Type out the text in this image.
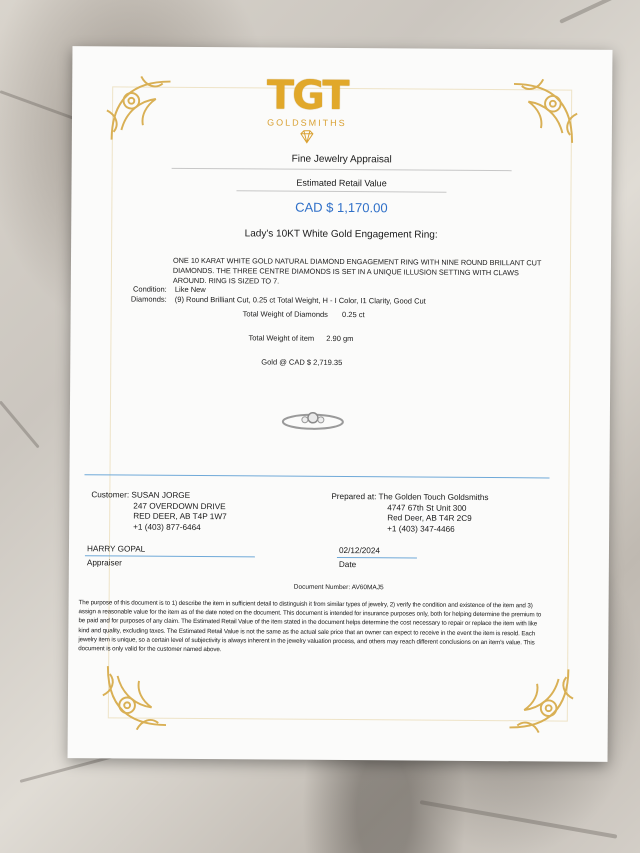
TGT
GOLDSMITHS
Fine Jewelry Appraisal
Estimated Retail Value
CAD $ 1,170.00
Lady's 10KT White Gold Engagement Ring:
ONE 10 KARAT WHITE GOLD NATURAL DIAMOND ENGAGEMENT RING WITH NINE ROUND BRILLANT CUT DIAMONDS. THE THREE CENTRE DIAMONDS IS SET IN A UNIQUE ILLUSION SETTING WITH CLAWS AROUND. RING IS SIZED TO 7.
Condition: Like New
Diamonds: (9) Round Brilliant Cut, 0.25 ct Total Weight, H - I Color, I1 Clarity, Good Cut
Total Weight of Diamonds 0.25 ct
Total Weight of item 2.90 gm
Gold @ CAD $ 2,719.35
Customer: SUSAN JORGE
247 OVERDOWN DRIVE
RED DEER, AB T4P 1W7
+1 (403) 877-6464
Prepared at: The Golden Touch Goldsmiths
4747 67th St Unit 300
Red Deer, AB T4R 2C9
+1 (403) 347-4466
HARRY GOPAL
Appraiser
02/12/2024
Date
Document Number: AV60MAJ5
The purpose of this document is to 1) describe the item in sufficient detail to distinguish it from similar types of jewelry, 2) verify the condition and existence of the item and 3) assign a reasonable value for the item as of the date noted on the document. This document is intended for insurance purposes only, both for helping determine the premium to be paid and for purposes of any claim. The Estimated Retail Value of the item stated in the document helps determine the cost necessary to repair or replace the item with like kind and quality, excluding taxes. The Estimated Retail Value is not the same as the actual sale price that an owner can expect to receive in the event the item is resold. Each jewelry item is unique, so a certain level of subjectivity is always inherent in the jewelry valuation process, and others may reach different conclusions on an item's value. This document is only valid for the customer named above.
